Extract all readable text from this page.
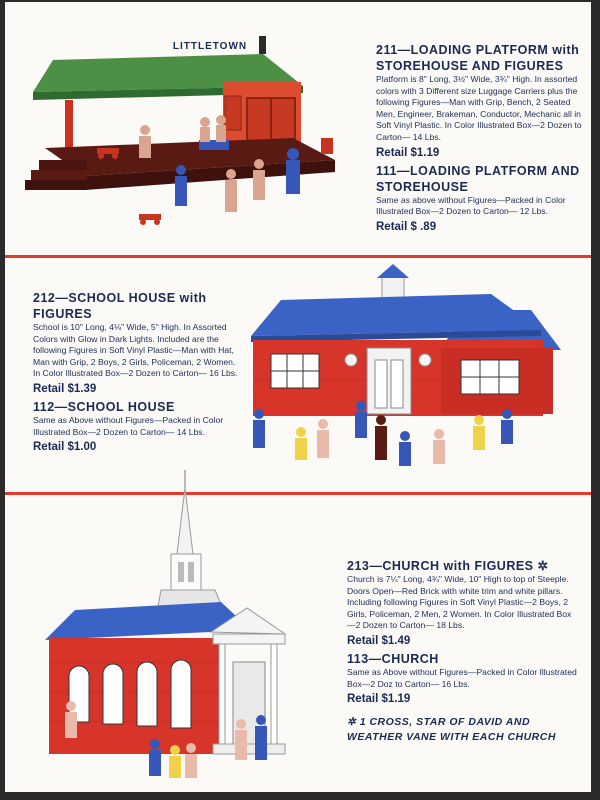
LITTLETOWN	211—LOADING PLATFORM with STOREHOUSE AND FIGURES

Platform is 8" Long, 3½" Wide, 3¾" High. In assorted colors with 3 Different size Luggage Carriers plus the following Figures—Man with Grip, Bench, 2 Seated Men, Engineer, Brakeman, Conductor, Mechanic all in Soft Vinyl Plastic. In Color Illustrated Box—2 Dozen to Carton— 14 Lbs.

Retail $1.19

111—LOADING PLATFORM AND STOREHOUSE

Same as above without Figures—Packed in Color Illustrated Box—2 Dozen to Carton— 12 Lbs.

Retail $ .89

212—SCHOOL HOUSE with FIGURES

School is 10" Long, 4⅛" Wide, 5" High. In Assorted Colors with Glow in Dark Lights. Included are the following Figures in Soft Vinyl Plastic—Man with Hat, Man with Grip, 2 Boys, 2 Girls, Policeman, 2 Women. In Color Illustrated Box—2 Dozen to Carton— 16 Lbs.

Retail $1.39

112—SCHOOL HOUSE

Same as Above without Figures—Packed in Color Illustrated Box—2 Dozen to Carton— 14 Lbs.

Retail $1.00

213—CHURCH with FIGURES ✲

Church is 7¼" Long, 4¾" Wide, 10" High to top of Steeple. Doors Open—Red Brick with white trim and white pillars. Including following Figures in Soft Vinyl Plastic—2 Boys, 2 Girls, Policeman, 2 Men, 2 Women. In Color Illustrated Box—2 Dozen to Carton— 18 Lbs.

Retail $1.49

113—CHURCH

Same as Above without Figures—Packed in Color Illustrated Box—2 Doz to Carton— 16 Lbs.

Retail $1.19

✲ 1 CROSS, STAR OF DAVID AND WEATHER VANE WITH EACH CHURCH
